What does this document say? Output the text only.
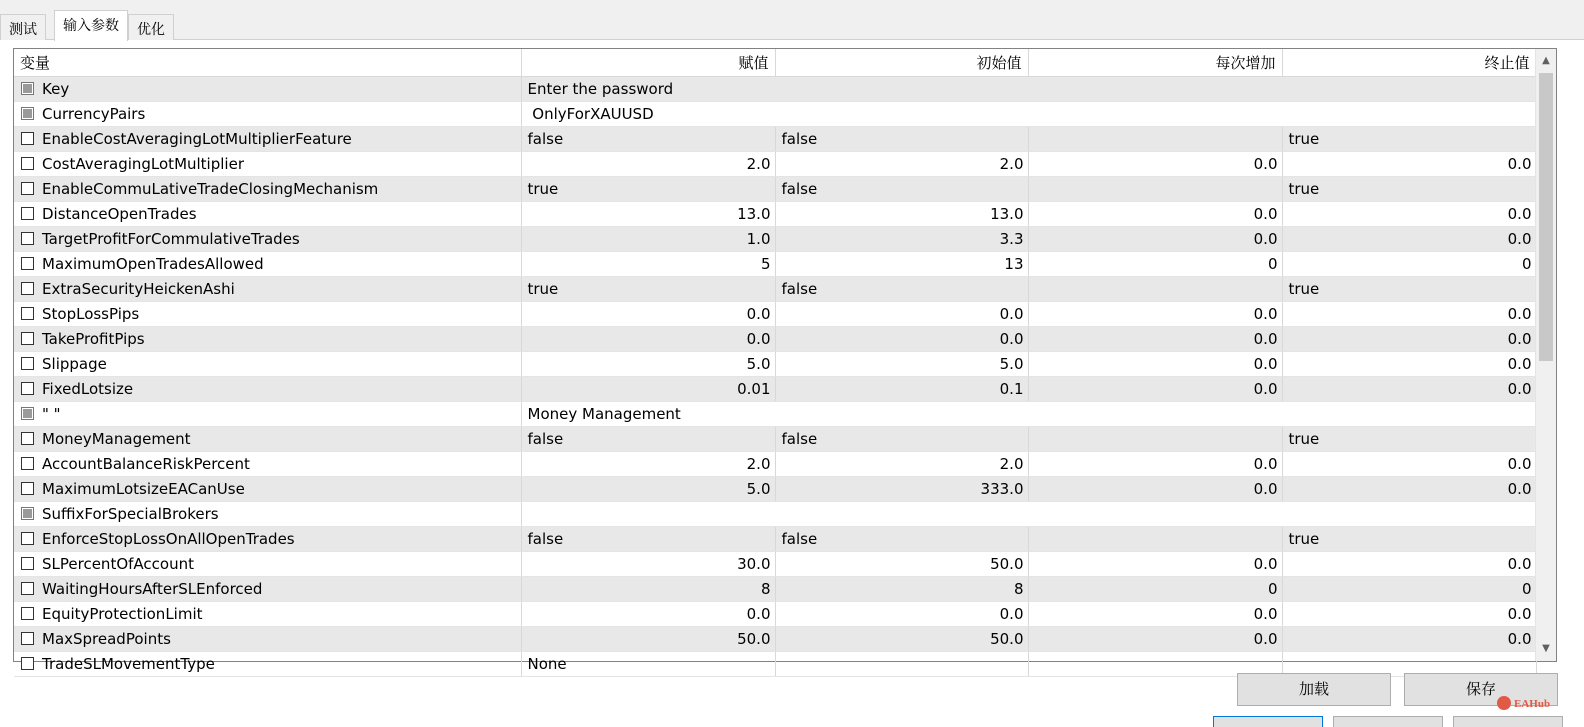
测试	输入参数	优化
变量	赋值	初始值	每次增加	终止值
Key	Enter the password			
CurrencyPairs	OnlyForXAUUSD			
EnableCostAveragingLotMultiplierFeature	false	false		true
CostAveragingLotMultiplier	2.0	2.0	0.0	0.0
EnableCommuLativeTradeClosingMechanism	true	false		true
DistanceOpenTrades	13.0	13.0	0.0	0.0
TargetProfitForCommulativeTrades	1.0	3.3	0.0	0.0
MaximumOpenTradesAllowed	5	13	0	0
ExtraSecurityHeickenAshi	true	false		true
StopLossPips	0.0	0.0	0.0	0.0
TakeProfitPips	0.0	0.0	0.0	0.0
Slippage	5.0	5.0	0.0	0.0
FixedLotsize	0.01	0.1	0.0	0.0
" "	Money Management			
MoneyManagement	false	false		true
AccountBalanceRiskPercent	2.0	2.0	0.0	0.0
MaximumLotsizeEACanUse	5.0	333.0	0.0	0.0
SuffixForSpecialBrokers				
EnforceStopLossOnAllOpenTrades	false	false		true
SLPercentOfAccount	30.0	50.0	0.0	0.0
WaitingHoursAfterSLEnforced	8	8	0	0
EquityProtectionLimit	0.0	0.0	0.0	0.0
MaxSpreadPoints	50.0	50.0	0.0	0.0
TradeSLMovementType	None			
▲
▼
加载	保存
EAHub
